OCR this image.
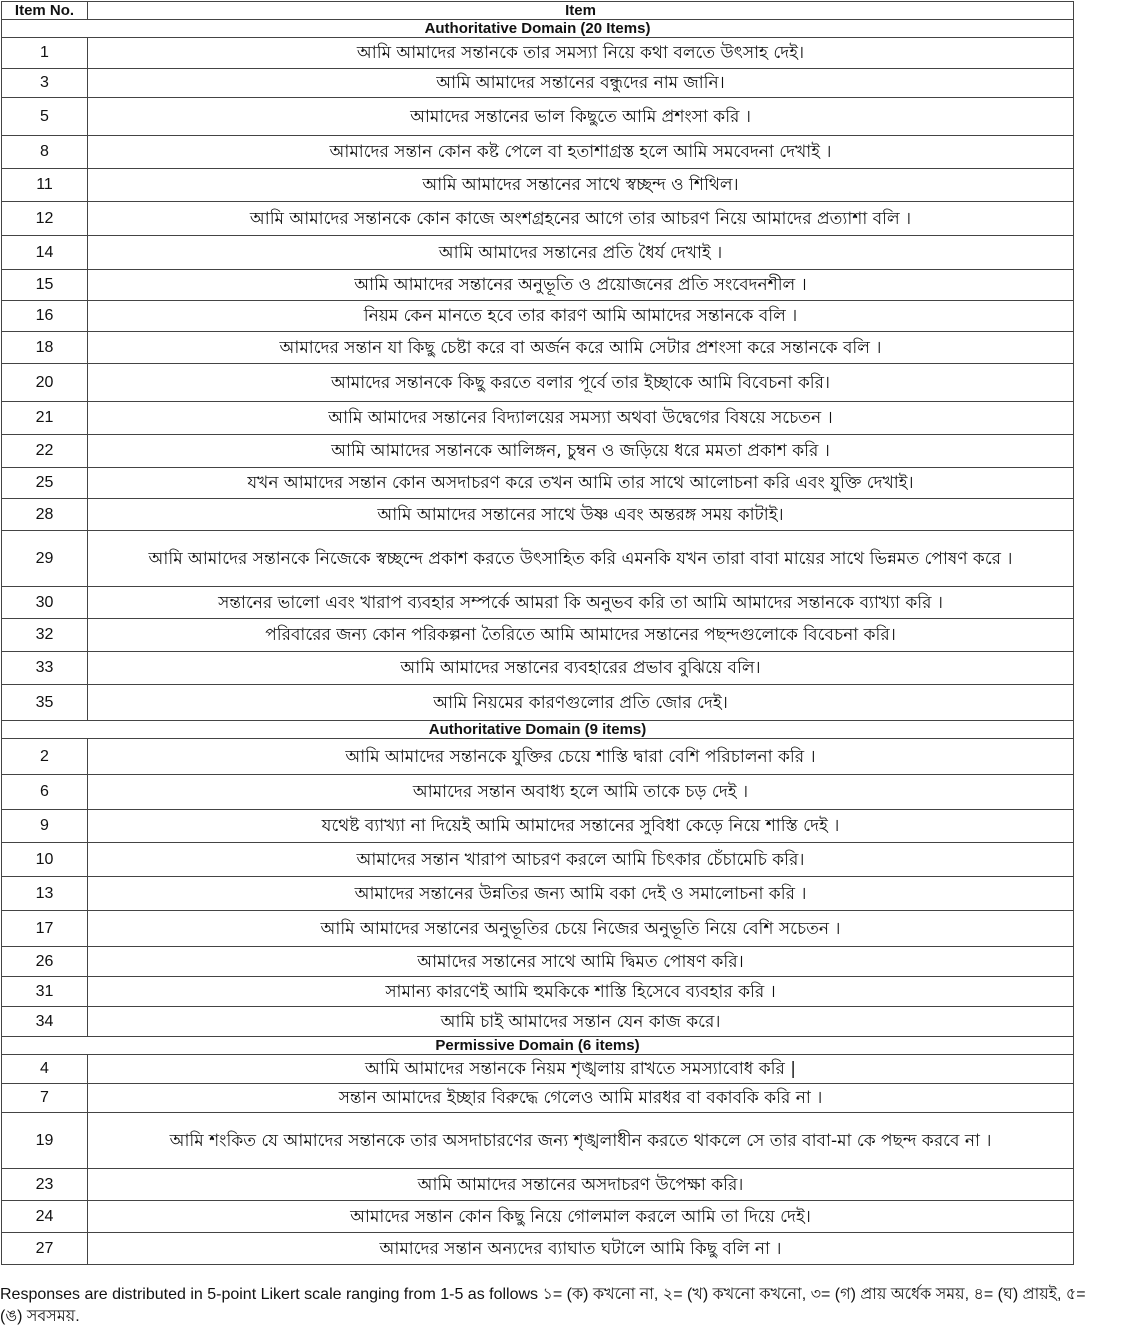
Item No.	Item
Authoritative Domain (20 Items)	
1	আমি আমাদের সন্তানকে তার সমস্যা নিয়ে কথা বলতে উৎসাহ দেই।
3	আমি আমাদের সন্তানের বন্ধুদের নাম জানি।
5	আমাদের সন্তানের ভাল কিছুতে আমি প্রশংসা করি ।
8	আমাদের সন্তান কোন কষ্ট পেলে বা হতাশাগ্রস্ত হলে আমি সমবেদনা দেখাই ।
11	আমি আমাদের সন্তানের সাথে স্বচ্ছন্দ ও শিথিল।
12	আমি আমাদের সন্তানকে কোন কাজে অংশগ্রহনের আগে তার আচরণ নিয়ে আমাদের প্রত্যাশা বলি ।
14	আমি আমাদের সন্তানের প্রতি ধৈর্য দেখাই ।
15	আমি আমাদের সন্তানের অনুভূতি ও প্রয়োজনের প্রতি সংবেদনশীল ।
16	নিয়ম কেন মানতে হবে তার কারণ আমি আমাদের সন্তানকে বলি ।
18	আমাদের সন্তান যা কিছু চেষ্টা করে বা অর্জন করে আমি সেটার প্রশংসা করে সন্তানকে বলি ।
20	আমাদের সন্তানকে কিছু করতে বলার পূর্বে তার ইচ্ছাকে আমি বিবেচনা করি।
21	আমি আমাদের সন্তানের বিদ্যালয়ের সমস্যা অথবা উদ্বেগের বিষয়ে সচেতন ।
22	আমি আমাদের সন্তানকে আলিঙ্গন, চুম্বন ও জড়িয়ে ধরে মমতা প্রকাশ করি ।
25	যখন আমাদের সন্তান কোন অসদাচরণ করে তখন আমি তার সাথে আলোচনা করি এবং যুক্তি দেখাই।
28	আমি আমাদের সন্তানের সাথে উষ্ণ এবং অন্তরঙ্গ সময় কাটাই।
29	আমি আমাদের সন্তানকে নিজেকে স্বচ্ছন্দে প্রকাশ করতে উৎসাহিত করি এমনকি যখন তারা বাবা মায়ের সাথে ভিন্নমত পোষণ করে ।
30	সন্তানের ভালো এবং খারাপ ব্যবহার সম্পর্কে আমরা কি অনুভব করি তা আমি আমাদের সন্তানকে ব্যাখ্যা করি ।
32	পরিবারের জন্য কোন পরিকল্পনা তৈরিতে আমি আমাদের সন্তানের পছন্দগুলোকে বিবেচনা করি।
33	আমি আমাদের সন্তানের ব্যবহারের প্রভাব বুঝিয়ে বলি।
35	আমি নিয়মের কারণগুলোর প্রতি জোর দেই।
Authoritative Domain (9 items)	
2	আমি আমাদের সন্তানকে যুক্তির চেয়ে শাস্তি দ্বারা বেশি পরিচালনা করি ।
6	আমাদের সন্তান অবাধ্য হলে আমি তাকে চড় দেই ।
9	যথেষ্ট ব্যাখ্যা না দিয়েই আমি আমাদের সন্তানের সুবিধা কেড়ে নিয়ে শাস্তি দেই ।
10	আমাদের সন্তান খারাপ আচরণ করলে আমি চিৎকার চেঁচামেচি করি।
13	আমাদের সন্তানের উন্নতির জন্য আমি বকা দেই ও সমালোচনা করি ।
17	আমি আমাদের সন্তানের অনুভূতির চেয়ে নিজের অনুভূতি নিয়ে বেশি সচেতন ।
26	আমাদের সন্তানের সাথে আমি দ্বিমত পোষণ করি।
31	সামান্য কারণেই আমি হুমকিকে শাস্তি হিসেবে ব্যবহার করি ।
34	আমি চাই আমাদের সন্তান যেন কাজ করে।
Permissive Domain (6 items)	
4	আমি আমাদের সন্তানকে নিয়ম শৃঙ্খলায় রাখতে সমস্যাবোধ করি |
7	সন্তান আমাদের ইচ্ছার বিরুদ্ধে গেলেও আমি মারধর বা বকাবকি করি না ।
19	আমি শংকিত যে আমাদের সন্তানকে তার অসদাচারণের জন্য শৃঙ্খলাধীন করতে থাকলে সে তার বাবা-মা কে পছন্দ করবে না ।
23	আমি আমাদের সন্তানের অসদাচরণ উপেক্ষা করি।
24	আমাদের সন্তান কোন কিছু নিয়ে গোলমাল করলে আমি তা দিয়ে দেই।
27	আমাদের সন্তান অন্যদের ব্যাঘাত ঘটালে আমি কিছু বলি না ।
Responses are distributed in 5-point Likert scale ranging from 1-5 as follows ১= (ক) কখনো না, ২= (খ) কখনো কখনো, ৩= (গ) প্রায় অর্ধেক সময়, ৪= (ঘ) প্রায়ই, ৫= (ঙ) সবসময়.
